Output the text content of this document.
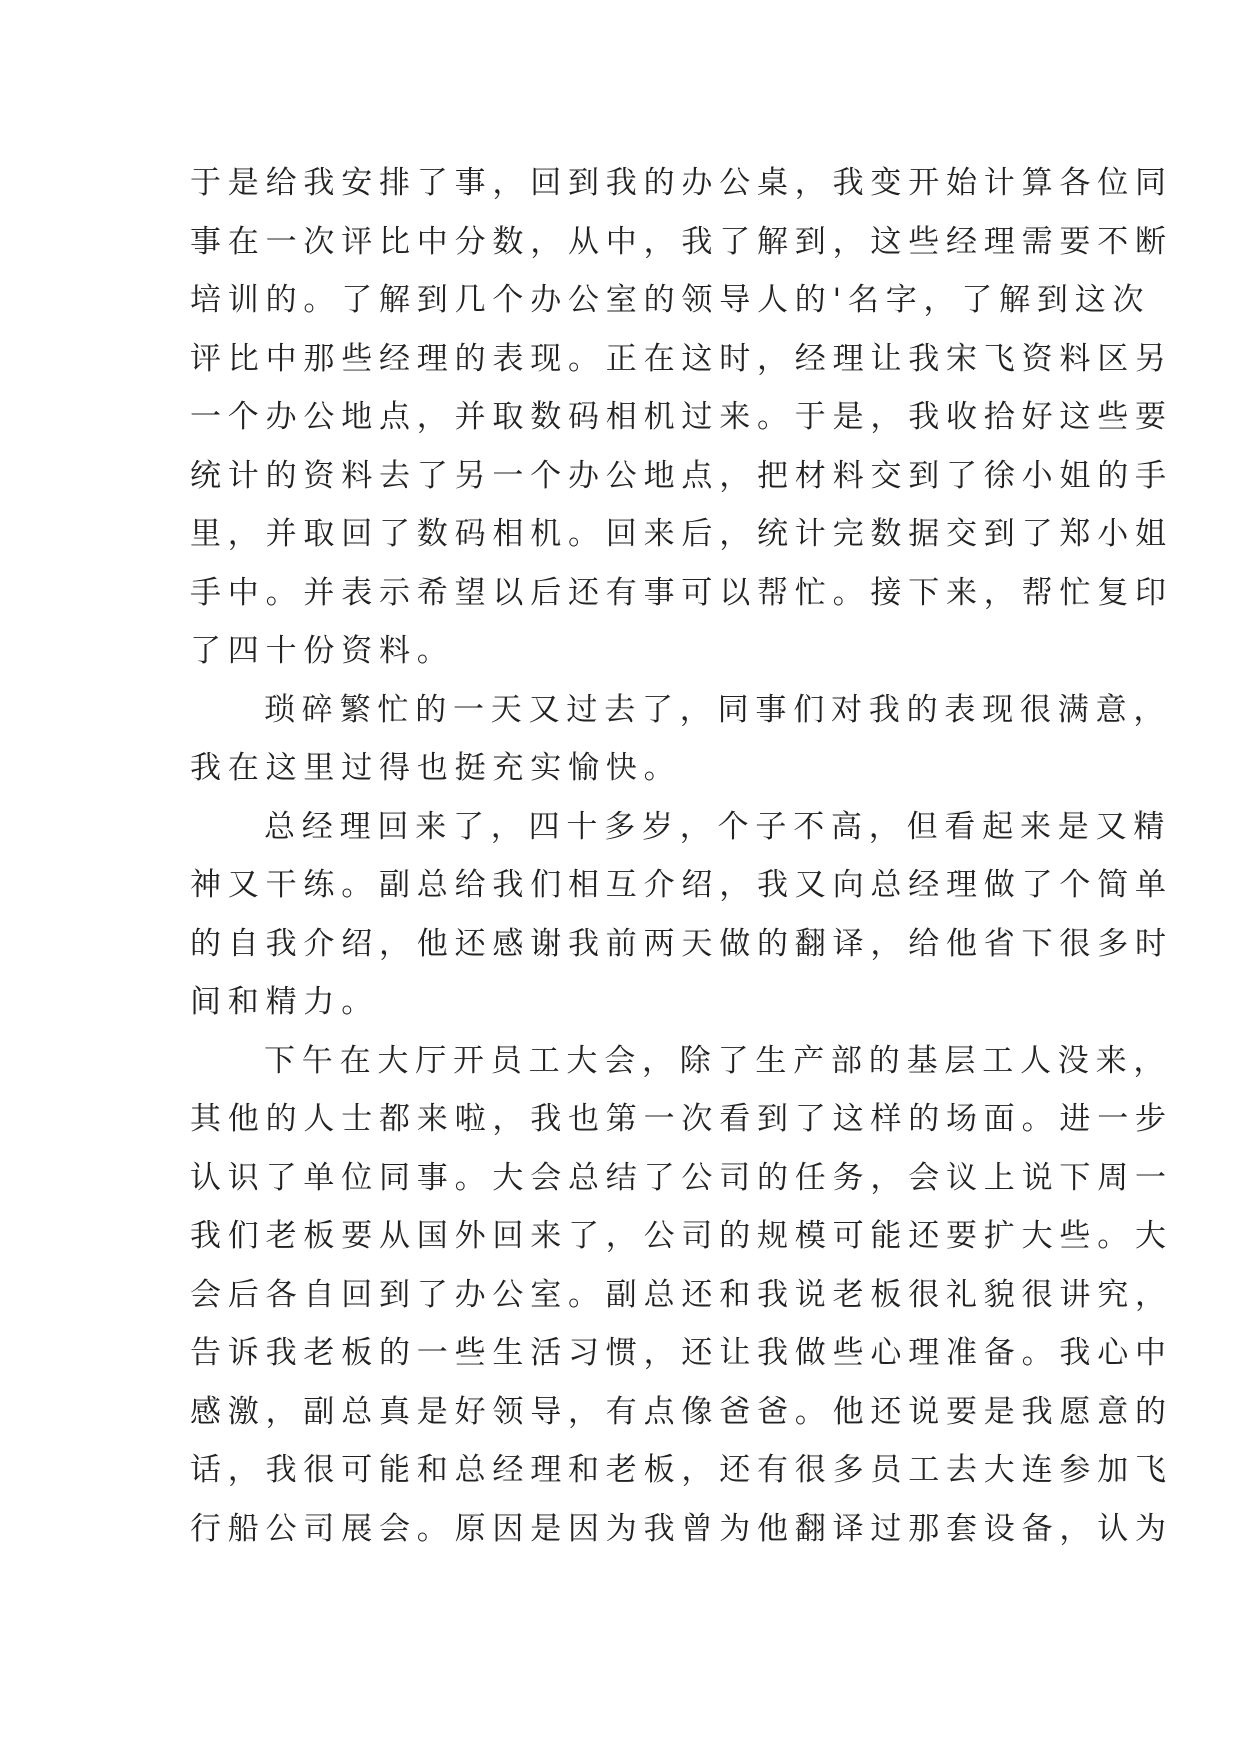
于是给我安排了事，回到我的办公桌，我变开始计算各位同

事在一次评比中分数，从中，我了解到，这些经理需要不断

培训的。了解到几个办公室的领导人的'名字，了解到这次

评比中那些经理的表现。正在这时，经理让我宋飞资料区另

一个办公地点，并取数码相机过来。于是，我收拾好这些要

统计的资料去了另一个办公地点，把材料交到了徐小姐的手

里，并取回了数码相机。回来后，统计完数据交到了郑小姐

手中。并表示希望以后还有事可以帮忙。接下来，帮忙复印

了四十份资料。

琐碎繁忙的一天又过去了，同事们对我的表现很满意，

我在这里过得也挺充实愉快。

总经理回来了，四十多岁，个子不高，但看起来是又精

神又干练。副总给我们相互介绍，我又向总经理做了个简单

的自我介绍，他还感谢我前两天做的翻译，给他省下很多时

间和精力。

下午在大厅开员工大会，除了生产部的基层工人没来，

其他的人士都来啦，我也第一次看到了这样的场面。进一步

认识了单位同事。大会总结了公司的任务，会议上说下周一

我们老板要从国外回来了，公司的规模可能还要扩大些。大

会后各自回到了办公室。副总还和我说老板很礼貌很讲究，

告诉我老板的一些生活习惯，还让我做些心理准备。我心中

感激，副总真是好领导，有点像爸爸。他还说要是我愿意的

话，我很可能和总经理和老板，还有很多员工去大连参加飞

行船公司展会。原因是因为我曾为他翻译过那套设备，认为
